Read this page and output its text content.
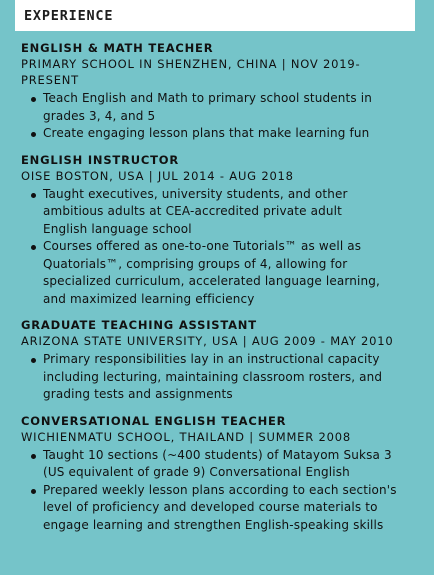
EXPERIENCE
ENGLISH & MATH TEACHER
PRIMARY SCHOOL IN SHENZHEN, CHINA | NOV 2019- PRESENT
Teach English and Math to primary school students in grades 3, 4, and 5
Create engaging lesson plans that make learning fun
ENGLISH INSTRUCTOR
OISE BOSTON, USA | JUL 2014 - AUG 2018
Taught executives, university students, and other ambitious adults at CEA-accredited private adult English language school
Courses offered as one-to-one Tutorials™ as well as Quatorials™, comprising groups of 4, allowing for specialized curriculum, accelerated language learning, and maximized learning efficiency
GRADUATE TEACHING ASSISTANT
ARIZONA STATE UNIVERSITY, USA | AUG 2009 - MAY 2010
Primary responsibilities lay in an instructional capacity including lecturing, maintaining classroom rosters, and grading tests and assignments
CONVERSATIONAL ENGLISH TEACHER
WICHIENMATU SCHOOL, THAILAND | SUMMER 2008
Taught 10 sections (~400 students) of Matayom Suksa 3 (US equivalent of grade 9) Conversational English
Prepared weekly lesson plans according to each section's level of proficiency and developed course materials to engage learning and strengthen English-speaking skills
